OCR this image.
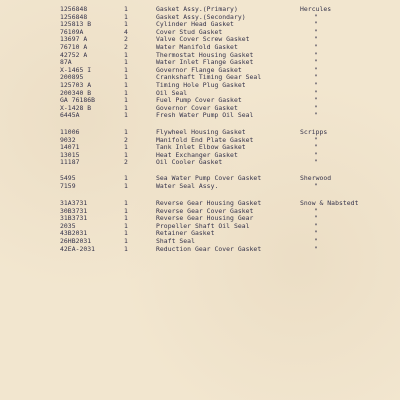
1256848	1	Gasket Assy.(Primary)	Hercules
1256848	1	Gasket Assy.(Secondary)	"
125813 B	1	Cylinder Head Gasket	"
76109A	4	Cover Stud Gasket	"
13697 A	2	Valve Cover Screw Gasket	"
76710 A	2	Water Manifold Gasket	"
42752 A	1	Thermostat Housing Gasket	"
87A	1	Water Inlet Flange Gasket	"
X-1465 I	1	Governor Flange Gasket	"
200895	1	Crankshaft Timing Gear Seal	"
125703 A	1	Timing Hole Plug Gasket	"
200340 B	1	Oil Seal	"
GA 76186B	1	Fuel Pump Cover Gasket	"
X-1428 B	1	Governor Cover Gasket	"
6445A	1	Fresh Water Pump Oil Seal	"
11006	1	Flywheel Housing Gasket	Scripps
9032	2	Manifold End Plate Gasket	"
14071	1	Tank Inlet Elbow Gasket	"
13015	1	Heat Exchanger Gasket	"
11187	2	Oil Cooler Gasket	"
5495	1	Sea Water Pump Cover Gasket	Sherwood
7159	1	Water Seal Assy.	"
31A3731	1	Reverse Gear Housing Gasket	Snow & Nabstedt
30B3731	1	Reverse Gear Cover Gasket	"
31B3731	1	Reverse Gear Housing Gear	"
2035	1	Propeller Shaft Oil Seal	"
43B2031	1	Retainer Gasket	"
26HB2031	1	Shaft Seal	"
42EA-2031	1	Reduction Gear Cover Gasket	"
